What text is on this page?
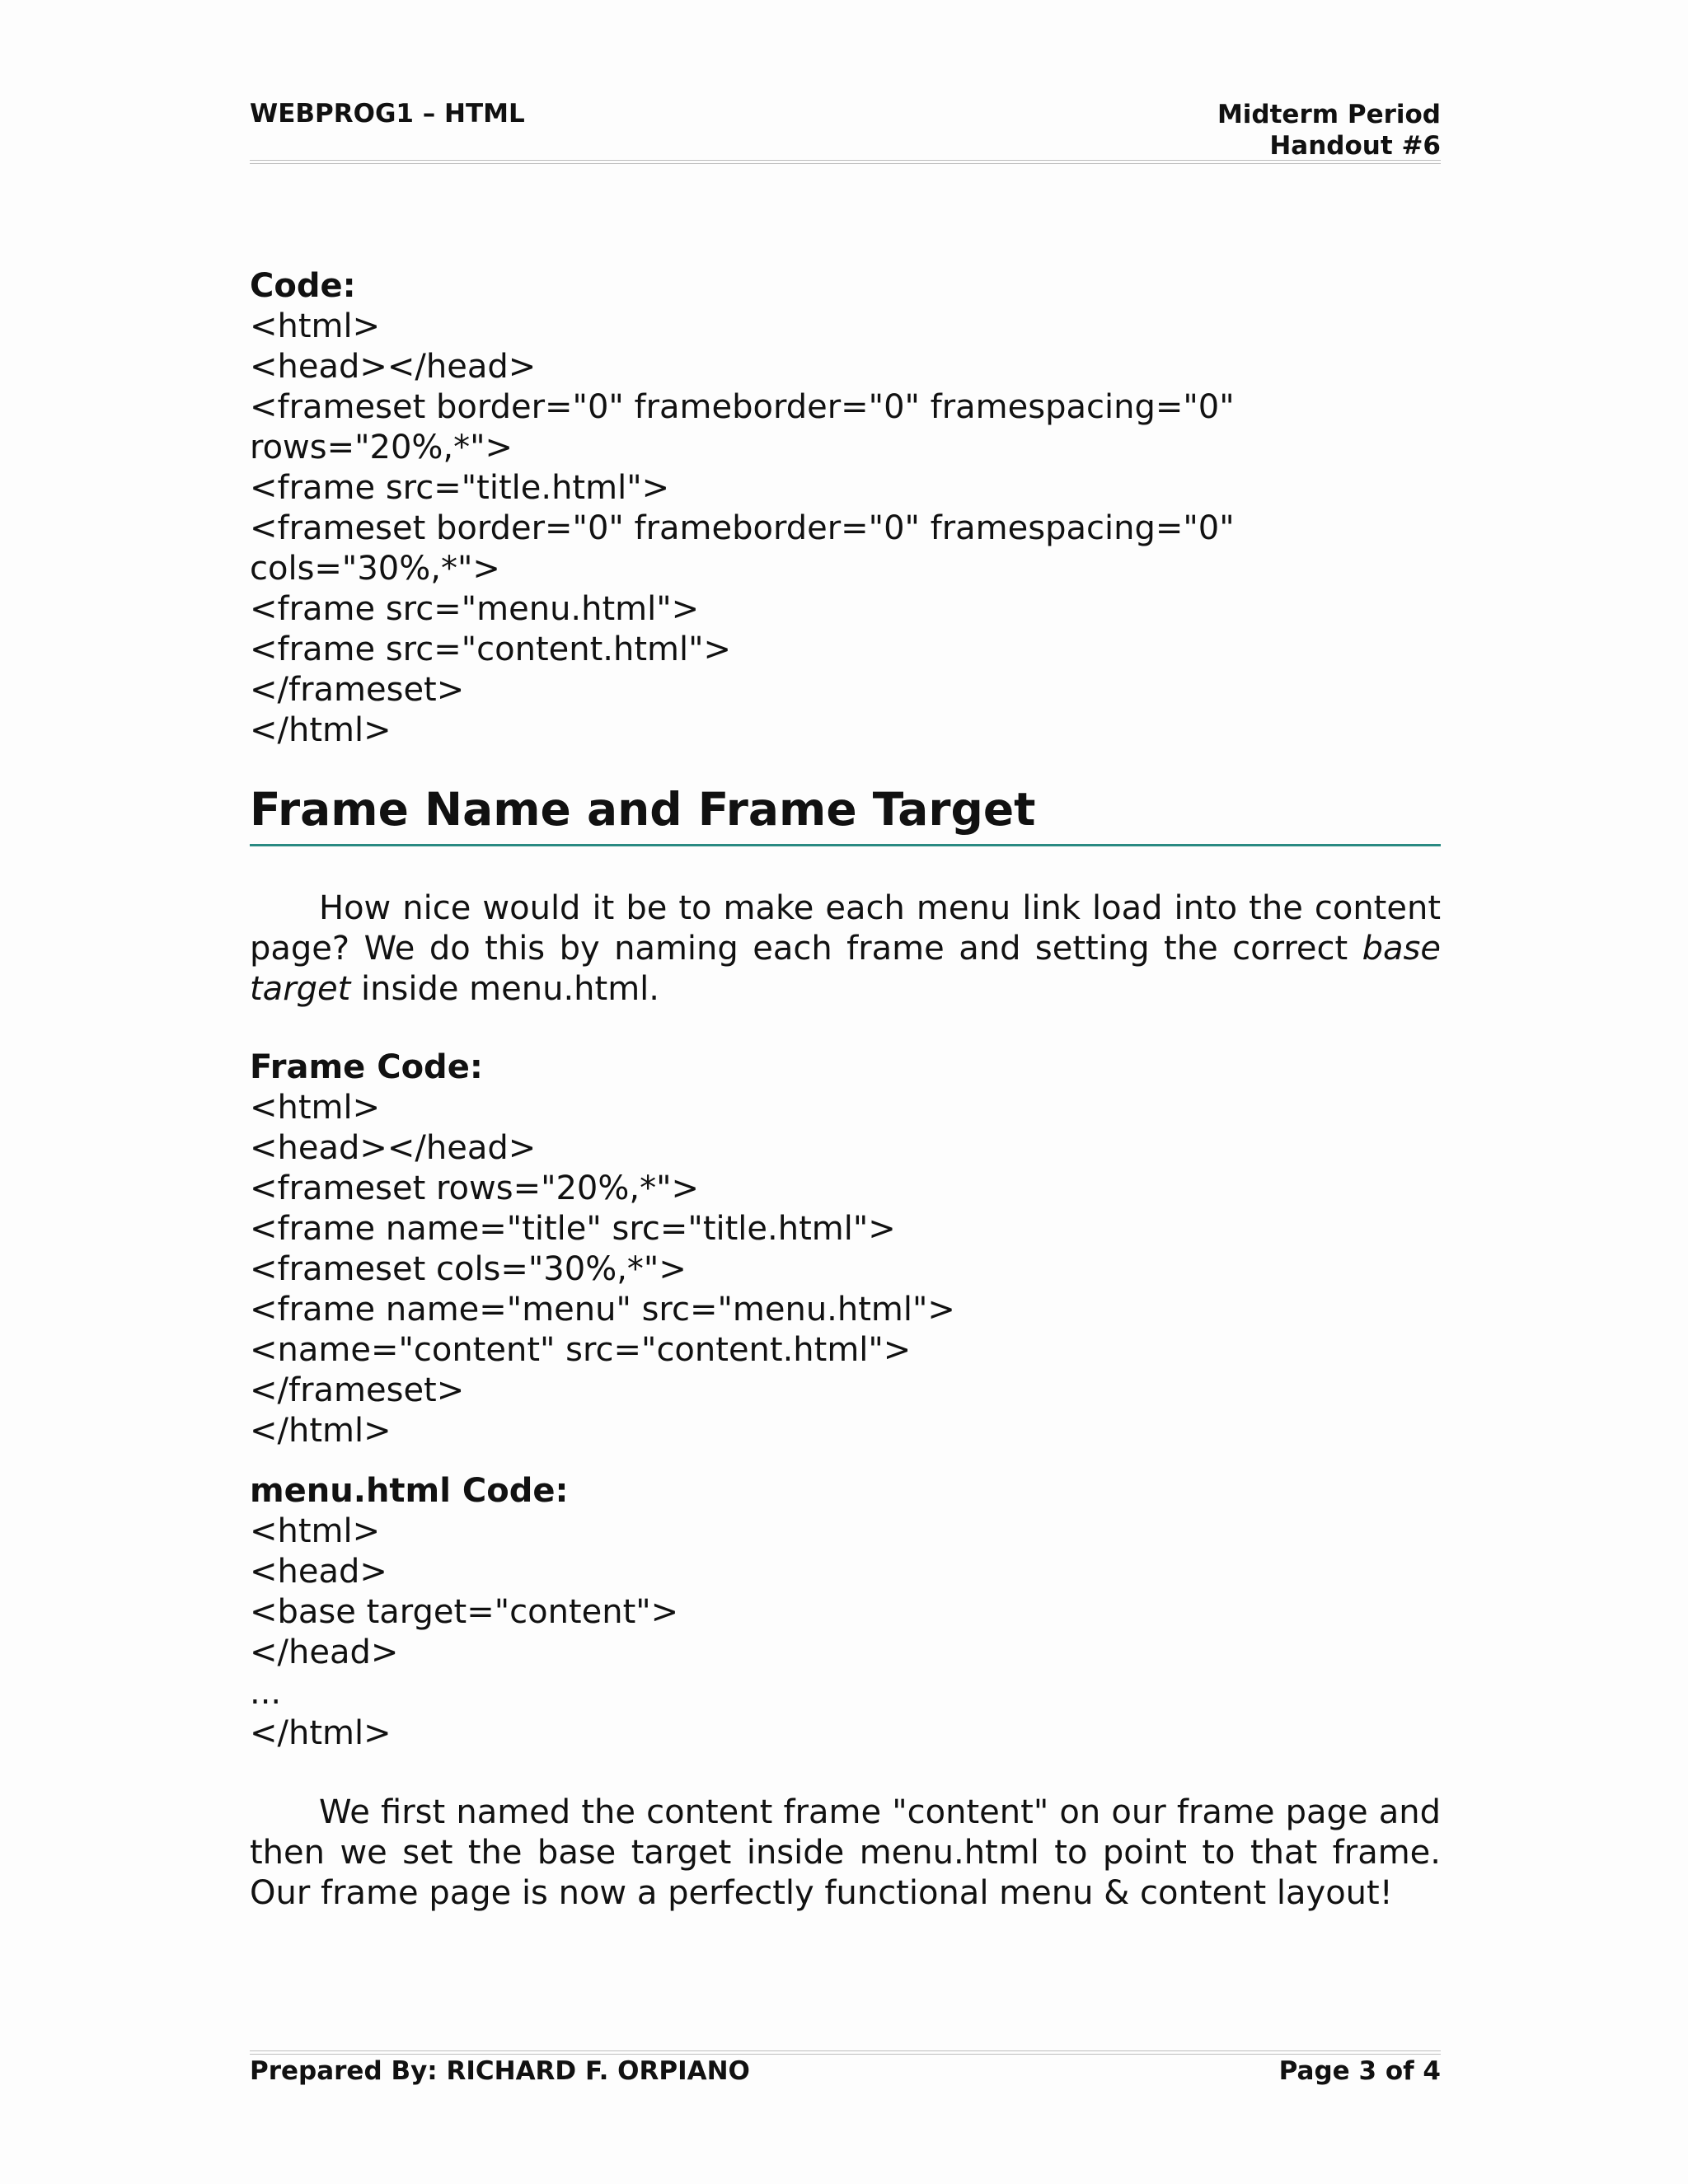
WEBPROG1 – HTML	Midterm Period
Handout #6

Code:

<html>
<head></head>
<frameset border="0" frameborder="0" framespacing="0"
rows="20%,*">
<frame src="title.html">
<frameset border="0" frameborder="0" framespacing="0"
cols="30%,*">
<frame src="menu.html">
<frame src="content.html">
</frameset>
</html>
Frame Name and Frame Target

How nice would it be to make each menu link load into the content page? We do this by naming each frame and setting the correct base target inside menu.html.

Frame Code:

<html>
<head></head>
<frameset rows="20%,*">
<frame name="title" src="title.html">
<frameset cols="30%,*">
<frame name="menu" src="menu.html">
<name="content" src="content.html">
</frameset>
</html>

menu.html Code:

<html>
<head>
<base target="content">
</head>
...
</html>

We first named the content frame "content" on our frame page and then we set the base target inside menu.html to point to that frame. Our frame page is now a perfectly functional menu & content layout!

Prepared By: RICHARD F. ORPIANO	Page 3 of 4
